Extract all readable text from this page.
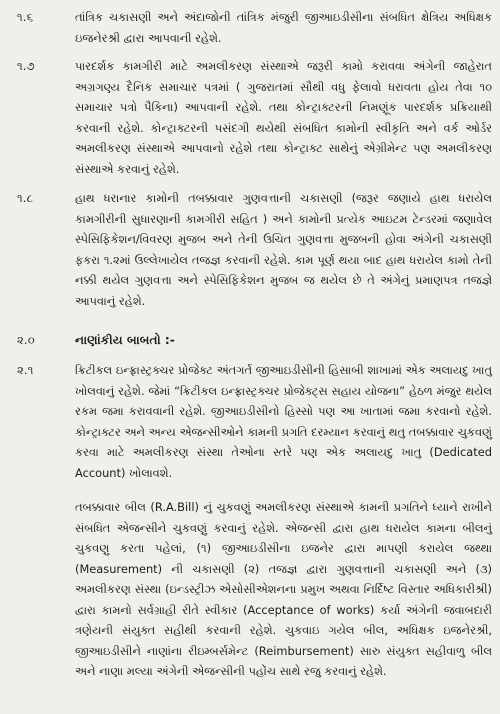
૧.૬	તાંત્રિક ચકાસણી અને અંદાજોની તાંત્રિક મંજુરી જીઆઇડીસીના સંબધિત ક્ષેત્રિય અધિક્ષક ઇજનેરશ્રી દ્વારા આપવાની રહેશે.
૧.૭	પારદર્શક કામગીરી માટે અમલીકરણ સંસ્થાએ જરૂરી કામો કરાવવા અંગેની જાહેરાત અગ્રગણ્ય દૈનિક સમાચાર પત્રમાં ( ગુજરાતમાં સૌથી વધુ ફેલાવો ધરાવતા હોય તેવા ૧૦ સમાચાર પત્રો પૈકિના) આપવાની રહેશે. તથા કોન્ટ્રાક્ટરની નિમણૂંક પારદર્શક પ્રક્રિયાથી કરવાની રહેશે. કોન્ટ્રાક્ટરની પસંદગી થયેથી સંબધિત કામોની સ્વીકૃતિ અને વર્ક ઓર્ડર અમલીકરણ સંસ્થાએ આપવાનો રહેશે તથા કોન્ટ્રાક્ટ સાથેનું એગ્રીમેન્ટ પણ અમલીકરણ સંસ્થાએ કરવાનું રહેશે.
૧.૮	હાથ ધરાનાર કામોની તબક્કાવાર ગુણવત્તાની ચકાસણી (જરૂર જણાયે હાથ ધરાયેલ કામગીરીની સુધારણાની કામગીરી સહિત ) અને કામોની પ્રત્યેક આઇટમ ટેન્ડરમાં જણાવેલ સ્પેસિફિકેશન/વિવરણ મુજબ અને તેની ઉચિત ગુણવત્તા મુજબની હોવા અંગેની ચકાસણી ફકરા ૧.૨માં ઉલ્લેખાયેલ તજજ્ઞ કરવાની રહેશે. કામ પૂર્ણ થયા બાદ હાથ ધરાયેલ કામો તેની નક્કી થયેલ ગુણવત્તા અને સ્પેસિફિકેશન મુજબ જ થયેલ છે તે અંગેનું પ્રમાણપત્ર તજજ્ઞે આપવાનું રહેશે.
૨.૦	નાણાંકીય બાબતો :-
૨.૧	ક્રિટીકલ ઇન્ફ્રાસ્ટ્રક્ચર પ્રોજેક્ટ અંતગર્ત જીઆઇડીસીની હિસાબી શાખામાં એક અલાયદુ ખાતુ ખોલવાનું રહેશે. જેમાં “ક્રિટીકલ ઇન્ફ્રાસ્ટ્રક્ચર પ્રોજેક્ટ્સ સહાય યોજના” હેઠળ મંજુર થયેલ રકમ જમા કરાવવાની રહેશે. જીઆઇડીસીનો હિસ્સો પણ આ ખાતામાં જમા કરવાનો રહેશે. કોન્ટ્રાક્ટર અને અન્ય એજન્સીઓને કામની પ્રગતિ દરમ્યાન કરવાનું થતુ તબક્કાવાર ચુકવણું કરવા માટે અમલીકરણ સંસ્થા તેઓના સ્તરે પણ એક અલાયદુ ખાતુ (Dedicated Account) ખોલાવશે.
તબક્કાવાર બીલ (R.A.Bill) નું ચુકવણું અમલીકરણ સંસ્થાએ કામની પ્રગતિને ધ્યાને રાખીને સંબધિત એજન્સીને ચુકવણું કરવાનું રહેશે. એજન્સી દ્વારા હાથ ધરાયેલ કામના બીલનું ચુકવણુ કરતા પહેલાં, (૧) જીઆઇડીસીના ઇજનેર દ્વારા માપણી કરાયેલ જથ્થા (Measurement) ની ચકાસણી (૨) તજજ્ઞ દ્વારા ગુણવત્તાની ચકાસણી અને (૩) અમલીકરણ સંસ્થા (ઇન્ડસ્ટ્રીઝ એસોસીએશનના પ્રમુખ અથવા નિર્દિષ્ટ વિસ્તાર અધિકારીશ્રી) દ્વારા કામનો સર્વગ્રાહી રીતે સ્વીકાર (Acceptance of works) કર્યા અંગેની જવાબદારી ત્રણેયની સંયુક્ત સહીથી કરવાની રહેશે. ચુકવાઇ ગયેલ બીલ, અધિક્ષક ઇજનેરશ્રી, જીઆઇડીસીને નાણાંના રીઇમ્બર્સમેન્ટ (Reimbursement) સારુ સંયુક્ત સહીવાળુ બીલ અને નાણા મલ્યા અંગેની એજન્સીની પહોંચ સાથે રજુ કરવાનું રહેશે.
